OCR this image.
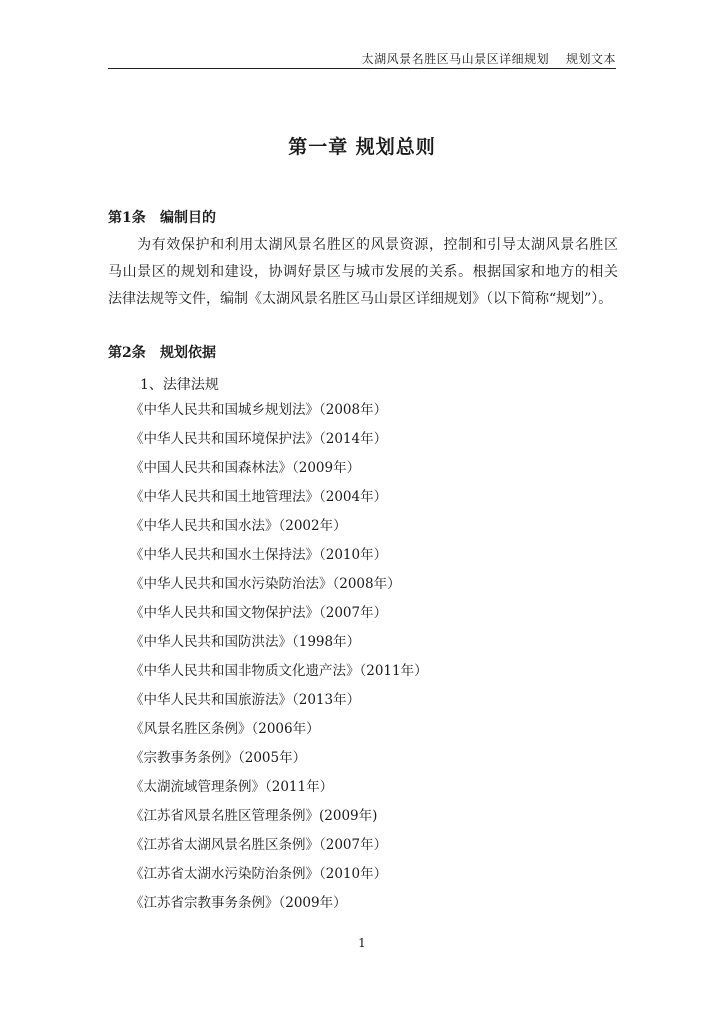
太湖风景名胜区马山景区详细规划　 规划文本
第一章 规划总则
第1条 编制目的
　　为有效保护和利用太湖风景名胜区的风景资源，控制和引导太湖风景名胜区
马山景区的规划和建设，协调好景区与城市发展的关系。根据国家和地方的相关
法律法规等文件，编制《太湖风景名胜区马山景区详细规划》（以下简称“规划”）。
第2条 规划依据
1、法律法规
《中华人民共和国城乡规划法》（2008年）
《中华人民共和国环境保护法》（2014年）
《中国人民共和国森林法》（2009年）
《中华人民共和国土地管理法》（2004年）
《中华人民共和国水法》（2002年）
《中华人民共和国水土保持法》（2010年）
《中华人民共和国水污染防治法》（2008年）
《中华人民共和国文物保护法》（2007年）
《中华人民共和国防洪法》（1998年）
《中华人民共和国非物质文化遗产法》（2011年）
《中华人民共和国旅游法》（2013年）
《风景名胜区条例》（2006年）
《宗教事务条例》（2005年）
《太湖流域管理条例》（2011年）
《江苏省风景名胜区管理条例》(2009年)
《江苏省太湖风景名胜区条例》（2007年）
《江苏省太湖水污染防治条例》（2010年）
《江苏省宗教事务条例》（2009年）
1
